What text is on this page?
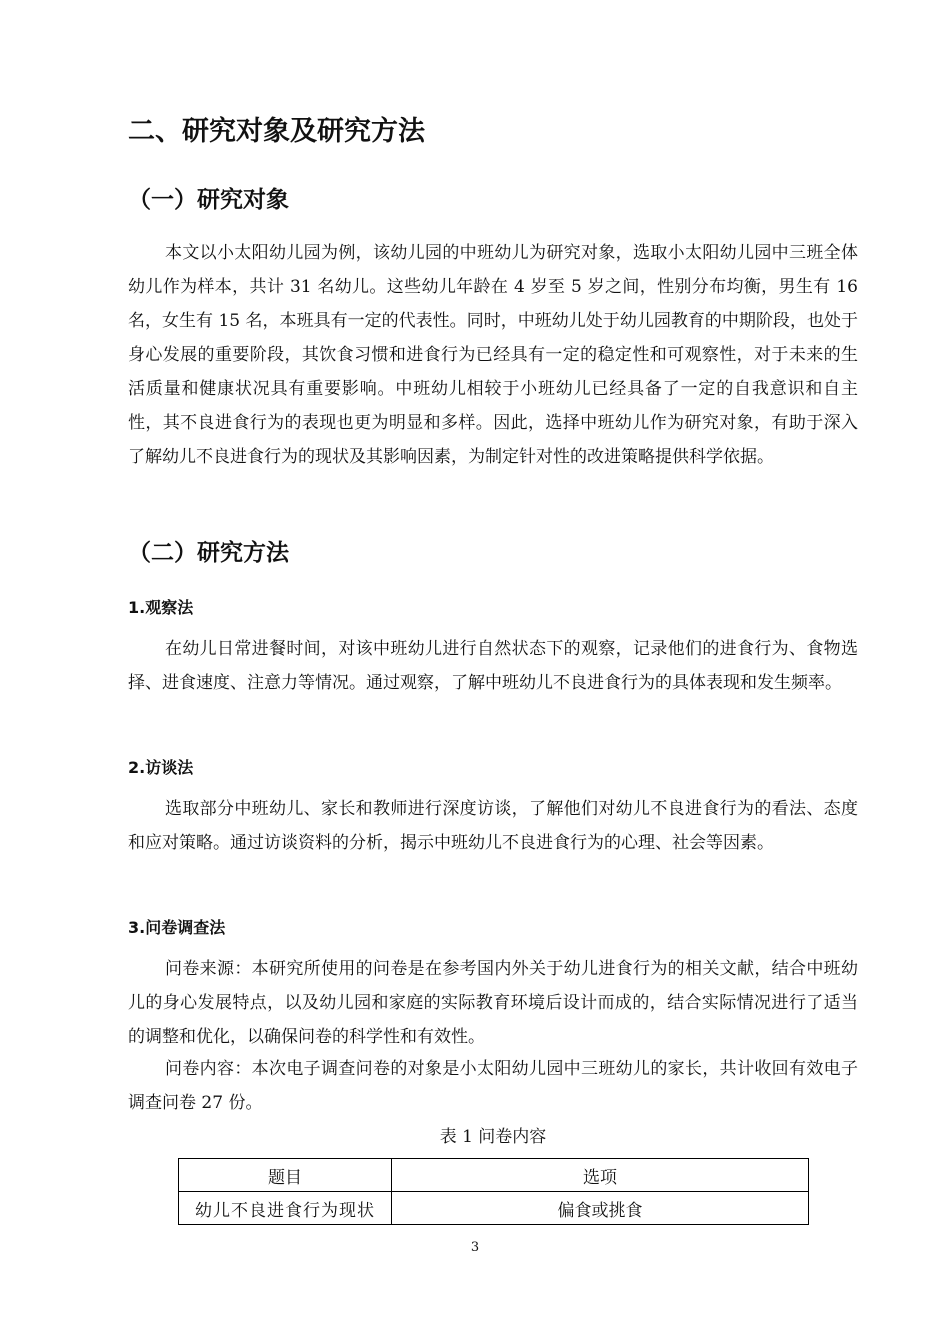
二、研究对象及研究方法
（一）研究对象

本文以小太阳幼儿园为例，该幼儿园的中班幼儿为研究对象，选取小太阳幼儿园中三班全体幼儿作为样本，共计 31 名幼儿。这些幼儿年龄在 4 岁至 5 岁之间，性别分布均衡，男生有 16 名，女生有 15 名，本班具有一定的代表性。同时，中班幼儿处于幼儿园教育的中期阶段，也处于身心发展的重要阶段，其饮食习惯和进食行为已经具有一定的稳定性和可观察性，对于未来的生活质量和健康状况具有重要影响。中班幼儿相较于小班幼儿已经具备了一定的自我意识和自主性，其不良进食行为的表现也更为明显和多样。因此，选择中班幼儿作为研究对象，有助于深入了解幼儿不良进食行为的现状及其影响因素，为制定针对性的改进策略提供科学依据。

（二）研究方法
1.观察法

在幼儿日常进餐时间，对该中班幼儿进行自然状态下的观察，记录他们的进食行为、食物选择、进食速度、注意力等情况。通过观察，了解中班幼儿不良进食行为的具体表现和发生频率。

2.访谈法

选取部分中班幼儿、家长和教师进行深度访谈，了解他们对幼儿不良进食行为的看法、态度和应对策略。通过访谈资料的分析，揭示中班幼儿不良进食行为的心理、社会等因素。

3.问卷调查法

问卷来源：本研究所使用的问卷是在参考国内外关于幼儿进食行为的相关文献，结合中班幼儿的身心发展特点，以及幼儿园和家庭的实际教育环境后设计而成的，结合实际情况进行了适当的调整和优化，以确保问卷的科学性和有效性。

问卷内容：本次电子调查问卷的对象是小太阳幼儿园中三班幼儿的家长，共计收回有效电子调查问卷 27 份。

表 1 问卷内容

题目	选项
幼儿不良进食行为现状	偏食或挑食

3
